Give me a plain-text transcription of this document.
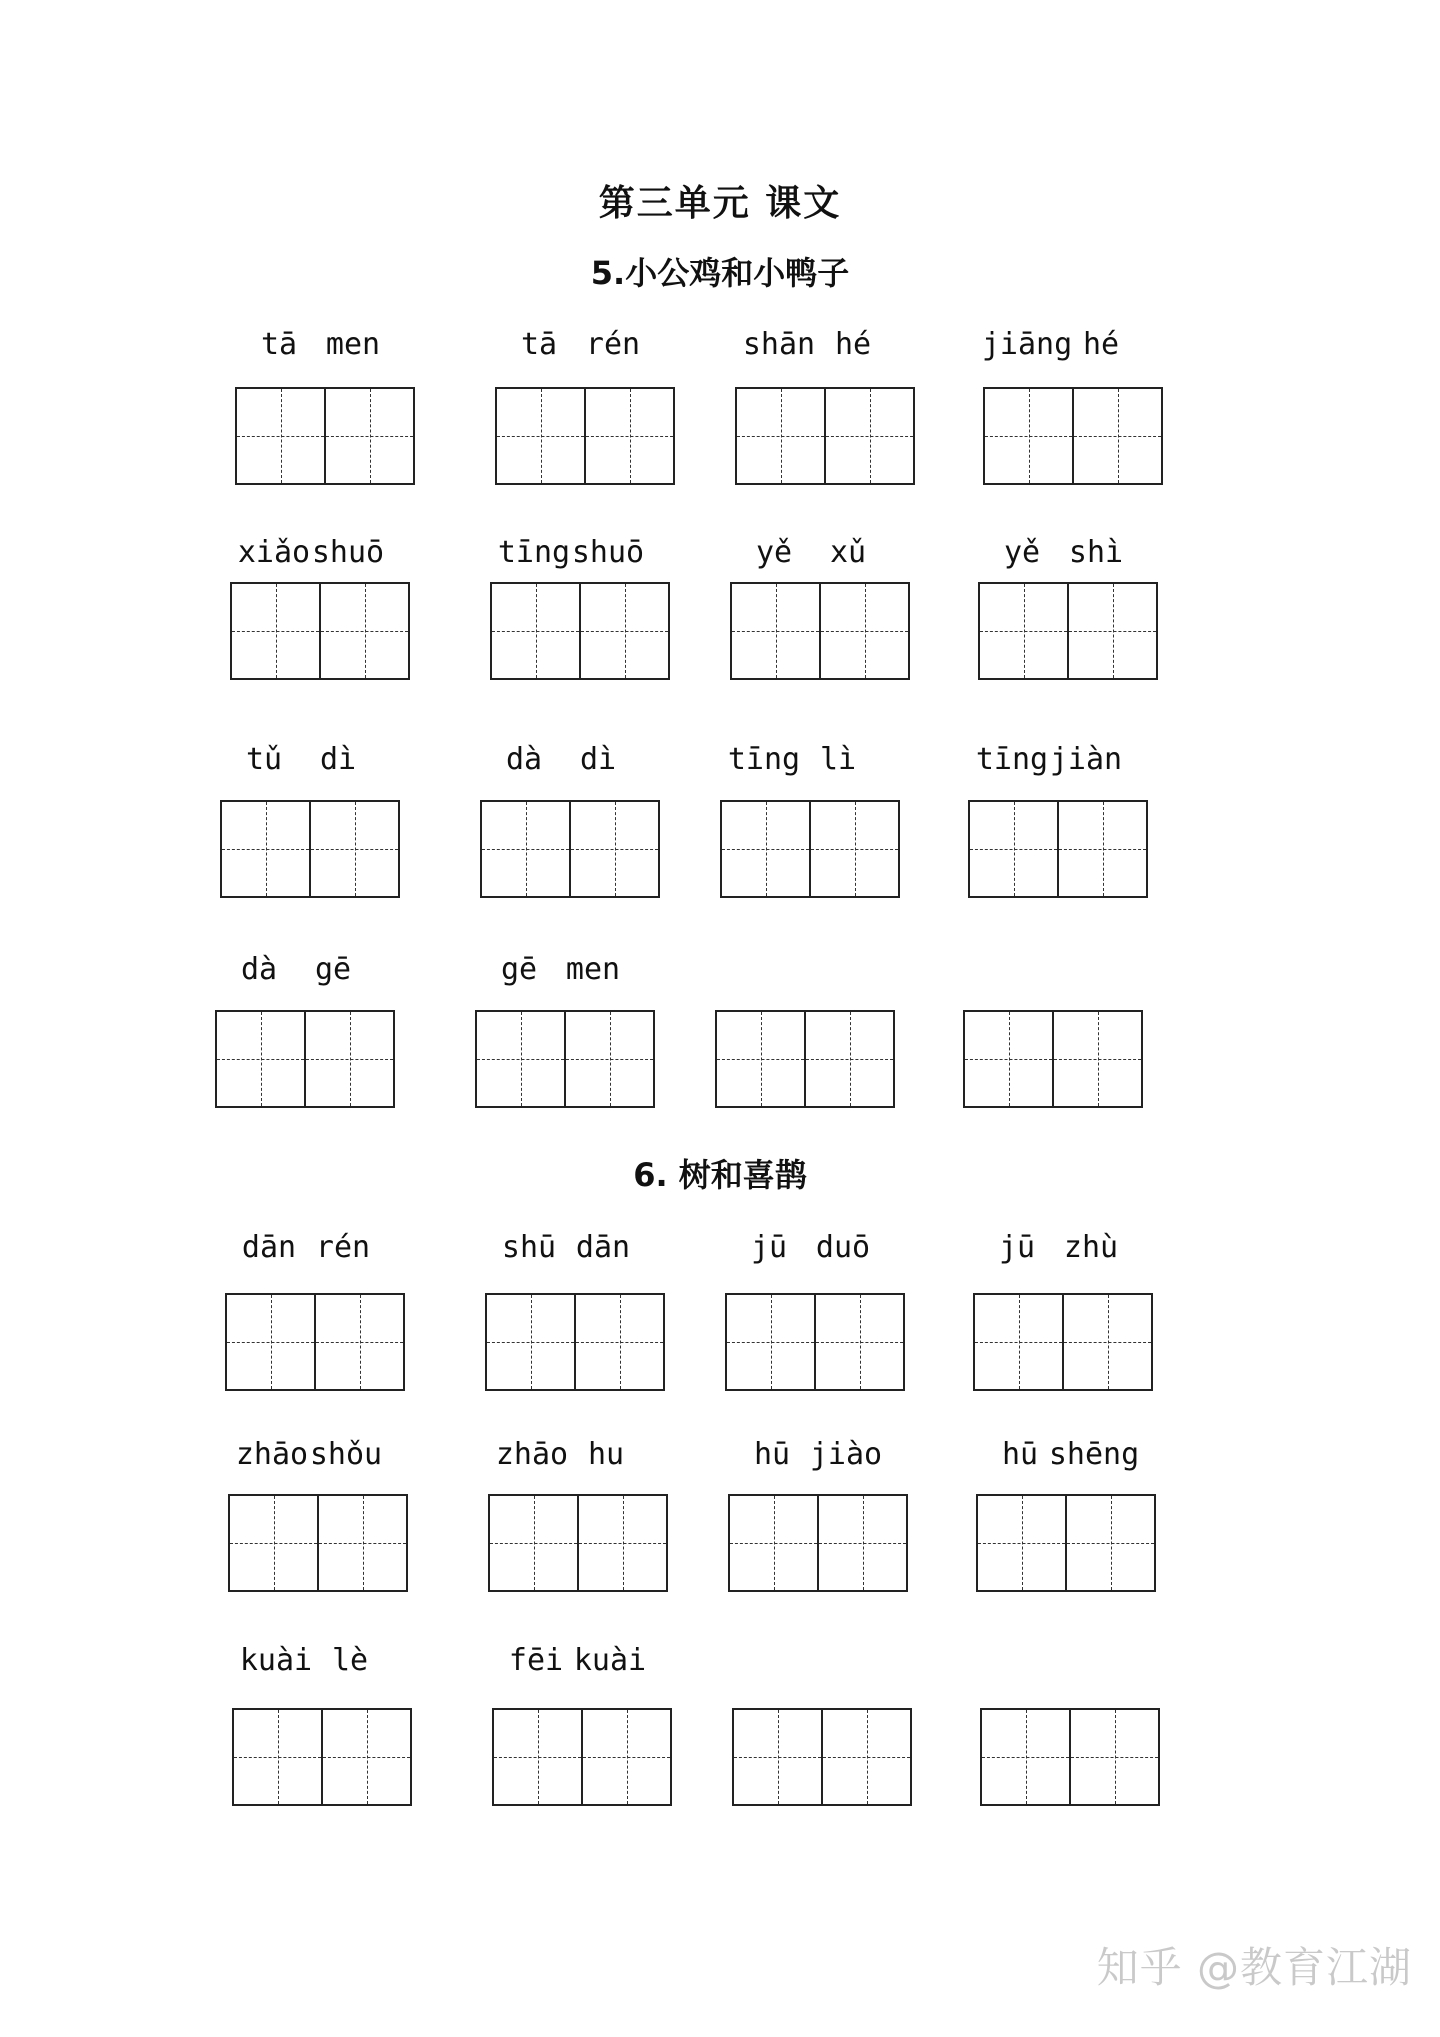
第三单元 课文
5.小公鸡和小鸭子
6. 树和喜鹊
tā men	tā rén	shān hé	jiāng hé
xiǎo shuō	tīng shuō	yě xǔ	yě shì
tǔ dì	dà dì	tīng lì	tīng jiàn
dà gē	gē men
dān rén	shū dān	jū duō	jū zhù
zhāo shǒu	zhāo hu	hū jiào	hū shēng
kuài lè	fēi kuài
知乎 @教育江湖
